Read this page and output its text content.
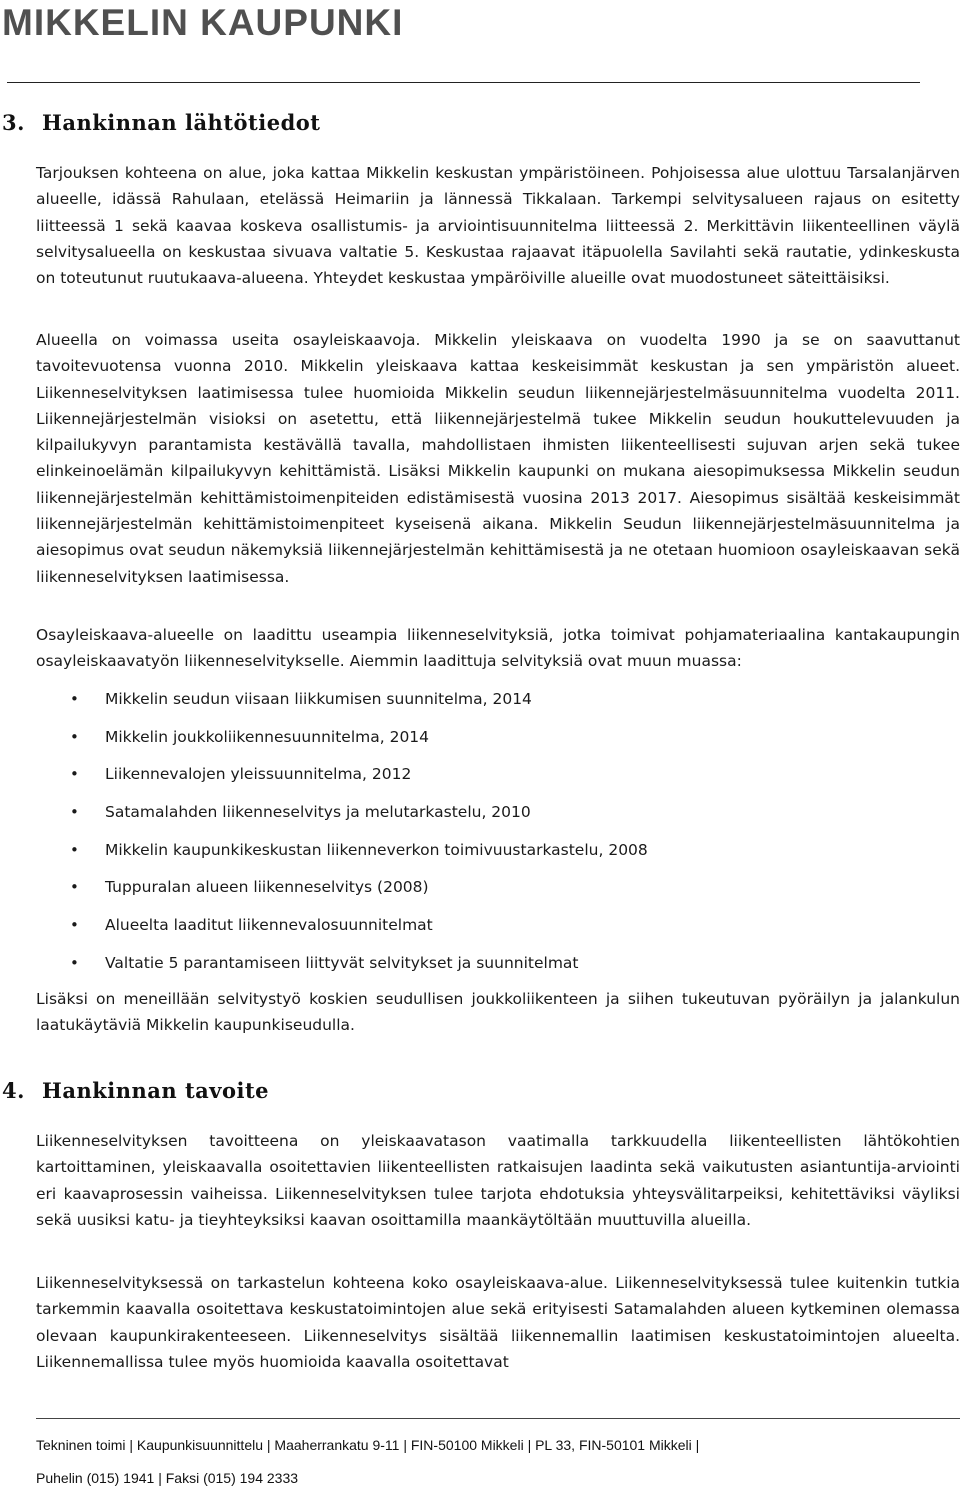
MIKKELIN KAUPUNKI
3. Hankinnan lähtötiedot

Tarjouksen kohteena on alue, joka kattaa Mikkelin keskustan ympäristöineen. Pohjoisessa alue ulottuu Tarsalanjärven alueelle, idässä Rahulaan, etelässä Heimariin ja lännessä Tikkalaan. Tarkempi selvitysalueen rajaus on esitetty liitteessä 1 sekä kaavaa koskeva osallistumis- ja arviointisuunnitelma liitteessä 2. Merkittävin liikenteellinen väylä selvitysalueella on keskustaa sivuava valtatie 5. Keskustaa rajaavat itäpuolella Savilahti sekä rautatie, ydinkeskusta on toteutunut ruutukaava-alueena. Yhteydet keskustaa ympäröiville alueille ovat muodostuneet säteittäisiksi.

Alueella on voimassa useita osayleiskaavoja. Mikkelin yleiskaava on vuodelta 1990 ja se on saavuttanut tavoitevuotensa vuonna 2010. Mikkelin yleiskaava kattaa keskeisimmät keskustan ja sen ympäristön alueet. Liikenneselvityksen laatimisessa tulee huomioida Mikkelin seudun liikennejärjestelmäsuunnitelma vuodelta 2011. Liikennejärjestelmän visioksi on asetettu, että liikennejärjestelmä tukee Mikkelin seudun houkuttelevuuden ja kilpailukyvyn parantamista kestävällä tavalla, mahdollistaen ihmisten liikenteellisesti sujuvan arjen sekä tukee elinkeinoelämän kilpailukyvyn kehittämistä. Lisäksi Mikkelin kaupunki on mukana aiesopimuksessa Mikkelin seudun liikennejärjestelmän kehittämistoimenpiteiden edistämisestä vuosina 2013 2017. Aiesopimus sisältää keskeisimmät liikennejärjestelmän kehittämistoimenpiteet kyseisenä aikana. Mikkelin Seudun liikennejärjestelmäsuunnitelma ja aiesopimus ovat seudun näkemyksiä liikennejärjestelmän kehittämisestä ja ne otetaan huomioon osayleiskaavan sekä liikenneselvityksen laatimisessa.

Osayleiskaava-alueelle on laadittu useampia liikenneselvityksiä, jotka toimivat pohjamateriaalina kantakaupungin osayleiskaavatyön liikenneselvitykselle. Aiemmin laadittuja selvityksiä ovat muun muassa:

• Mikkelin seudun viisaan liikkumisen suunnitelma, 2014
• Mikkelin joukkoliikennesuunnitelma, 2014
• Liikennevalojen yleissuunnitelma, 2012
• Satamalahden liikenneselvitys ja melutarkastelu, 2010
• Mikkelin kaupunkikeskustan liikenneverkon toimivuustarkastelu, 2008
• Tuppuralan alueen liikenneselvitys (2008)
• Alueelta laaditut liikennevalosuunnitelmat
• Valtatie 5 parantamiseen liittyvät selvitykset ja suunnitelmat

Lisäksi on meneillään selvitystyö koskien seudullisen joukkoliikenteen ja siihen tukeutuvan pyöräilyn ja jalankulun laatukäytäviä Mikkelin kaupunkiseudulla.

4. Hankinnan tavoite

Liikenneselvityksen tavoitteena on yleiskaavatason vaatimalla tarkkuudella liikenteellisten lähtökohtien kartoittaminen, yleiskaavalla osoitettavien liikenteellisten ratkaisujen laadinta sekä vaikutusten asiantuntija-arviointi eri kaavaprosessin vaiheissa. Liikenneselvityksen tulee tarjota ehdotuksia yhteysvälitarpeiksi, kehitettäviksi väyliksi sekä uusiksi katu- ja tieyhteyksiksi kaavan osoittamilla maankäytöltään muuttuvilla alueilla.

Liikenneselvityksessä on tarkastelun kohteena koko osayleiskaava-alue. Liikenneselvityksessä tulee kuitenkin tutkia tarkemmin kaavalla osoitettava keskustatoimintojen alue sekä erityisesti Satamalahden alueen kytkeminen olemassa olevaan kaupunkirakenteeseen. Liikenneselvitys sisältää liikennemallin laatimisen keskustatoimintojen alueelta. Liikennemallissa tulee myös huomioida kaavalla osoitettavat

Tekninen toimi | Kaupunkisuunnittelu | Maaherrankatu 9-11 | FIN-50100 Mikkeli | PL 33, FIN-50101 Mikkeli |

Puhelin (015) 1941 | Faksi (015) 194 2333
